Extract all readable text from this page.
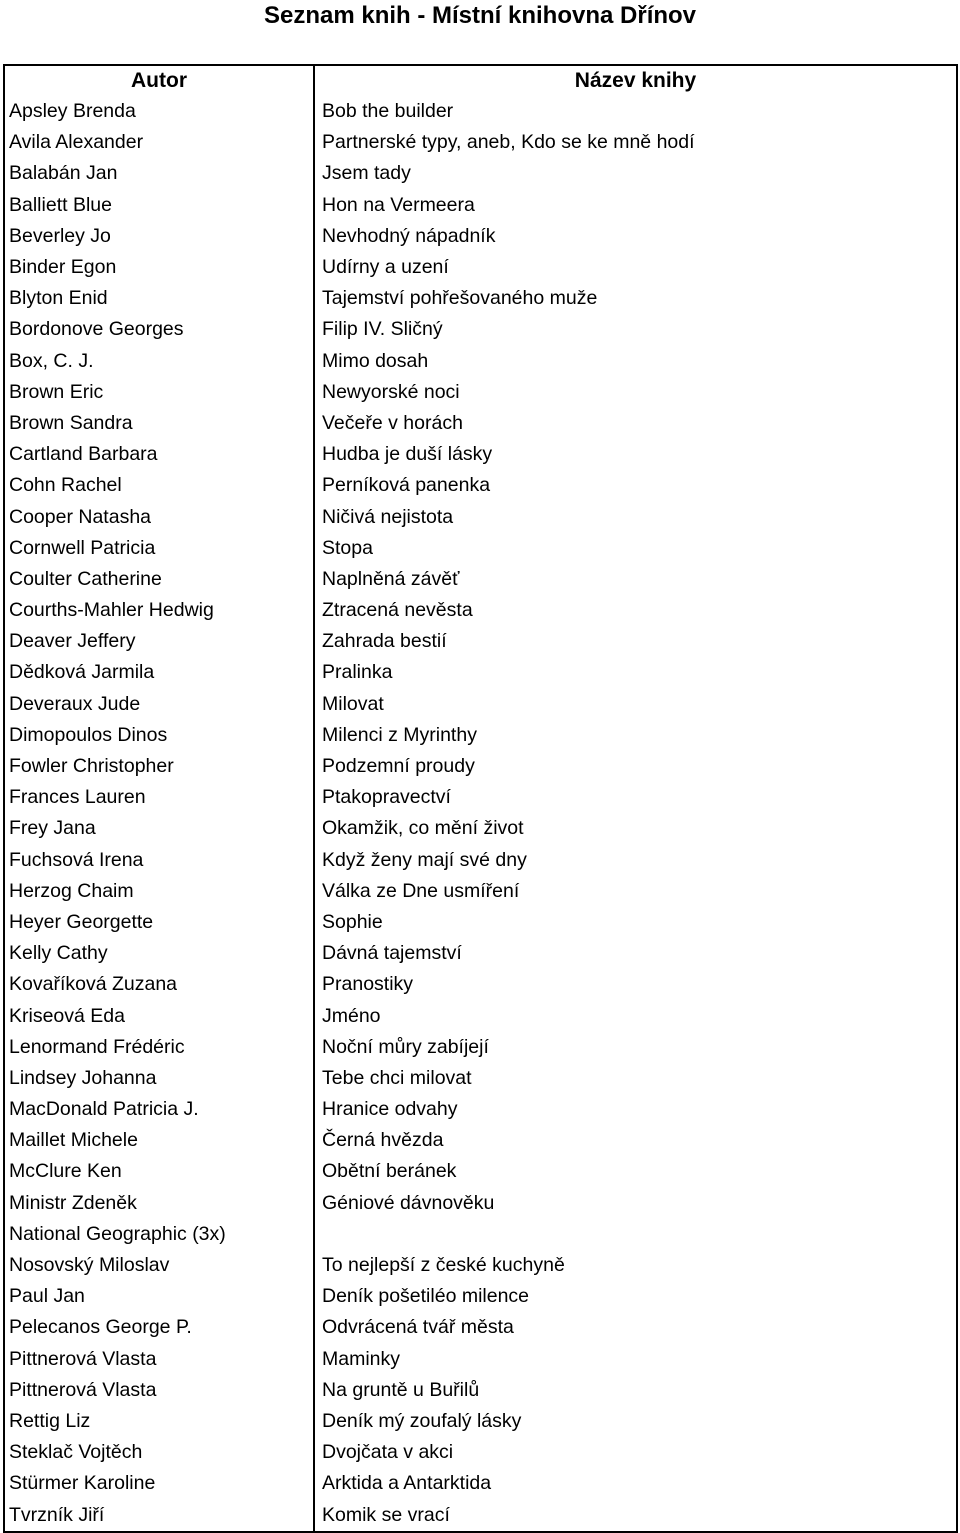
Seznam knih - Místní knihovna Dřínov
Autor	Název knihy
Apsley Brenda	Bob the builder
Avila Alexander	Partnerské typy, aneb, Kdo se ke mně hodí
Balabán Jan	Jsem tady
Balliett Blue	Hon na Vermeera
Beverley Jo	Nevhodný nápadník
Binder Egon	Udírny a uzení
Blyton Enid	Tajemství pohřešovaného muže
Bordonove Georges	Filip IV. Sličný
Box, C. J.	Mimo dosah
Brown Eric	Newyorské noci
Brown Sandra	Večeře v horách
Cartland Barbara	Hudba je duší lásky
Cohn Rachel	Perníková panenka
Cooper Natasha	Ničivá nejistota
Cornwell Patricia	Stopa
Coulter Catherine	Naplněná závěť
Courths-Mahler Hedwig	Ztracená nevěsta
Deaver Jeffery	Zahrada bestií
Dědková Jarmila	Pralinka
Deveraux Jude	Milovat
Dimopoulos Dinos	Milenci z Myrinthy
Fowler Christopher	Podzemní proudy
Frances Lauren	Ptakopravectví
Frey Jana	Okamžik, co mění život
Fuchsová Irena	Když ženy mají své dny
Herzog Chaim	Válka ze Dne usmíření
Heyer Georgette	Sophie
Kelly Cathy	Dávná tajemství
Kovaříková Zuzana	Pranostiky
Kriseová Eda	Jméno
Lenormand Frédéric	Noční můry zabíjejí
Lindsey Johanna	Tebe chci milovat
MacDonald Patricia J.	Hranice odvahy
Maillet Michele	Černá hvězda
McClure Ken	Obětní beránek
Ministr Zdeněk	Géniové dávnověku
National Geographic (3x)	
Nosovský Miloslav	To nejlepší z české kuchyně
Paul Jan	Deník pošetiléo milence
Pelecanos George P.	Odvrácená tvář města
Pittnerová Vlasta	Maminky
Pittnerová Vlasta	Na gruntě u Buřilů
Rettig Liz	Deník mý zoufalý lásky
Steklač Vojtěch	Dvojčata v akci
Stürmer Karoline	Arktida a Antarktida
Tvrzník Jiří	Komik se vrací
